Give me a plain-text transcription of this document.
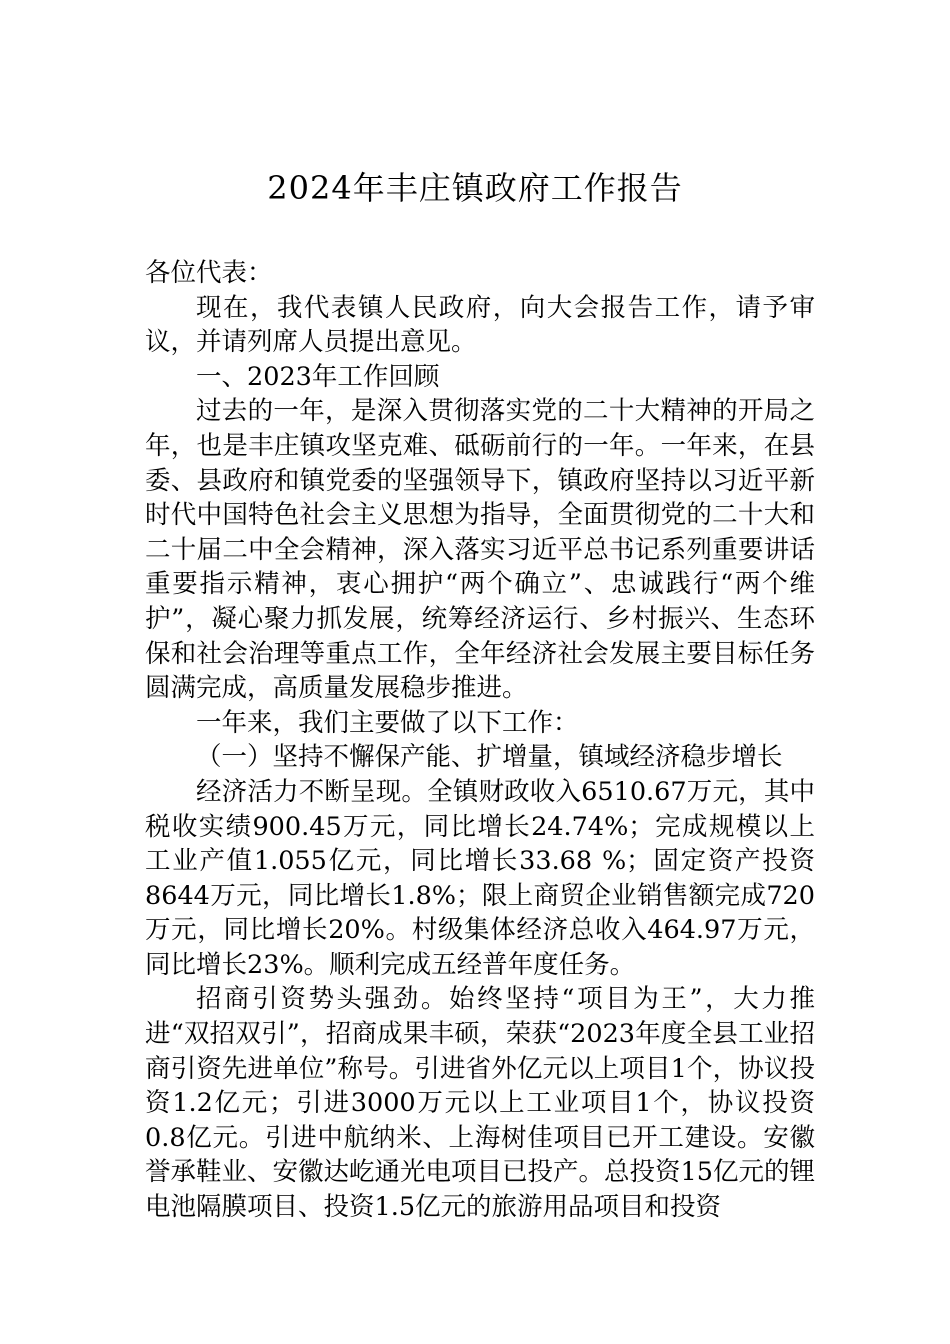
2024年丰庄镇政府工作报告

各位代表：

现在，我代表镇人民政府，向大会报告工作，请予审议，并请列席人员提出意见。

一、2023年工作回顾

过去的一年，是深入贯彻落实党的二十大精神的开局之年，也是丰庄镇攻坚克难、砥砺前行的一年。一年来，在县委、县政府和镇党委的坚强领导下，镇政府坚持以习近平新时代中国特色社会主义思想为指导，全面贯彻党的二十大和二十届二中全会精神，深入落实习近平总书记系列重要讲话重要指示精神，衷心拥护“两个确立”、忠诚践行“两个维护”，凝心聚力抓发展，统筹经济运行、乡村振兴、生态环保和社会治理等重点工作，全年经济社会发展主要目标任务圆满完成，高质量发展稳步推进。

一年来，我们主要做了以下工作：

（一）坚持不懈保产能、扩增量，镇域经济稳步增长

经济活力不断呈现。全镇财政收入6510.67万元，其中税收实绩900.45万元，同比增长24.74%；完成规模以上工业产值1.055亿元，同比增长33.68 %；固定资产投资8644万元，同比增长1.8%；限上商贸企业销售额完成720万元，同比增长20%。村级集体经济总收入464.97万元，同比增长23%。顺利完成五经普年度任务。

招商引资势头强劲。始终坚持“项目为王”，大力推进“双招双引”，招商成果丰硕，荣获“2023年度全县工业招商引资先进单位”称号。引进省外亿元以上项目1个，协议投资1.2亿元；引进3000万元以上工业项目1个，协议投资0.8亿元。引进中航纳米、上海树佳项目已开工建设。安徽誉承鞋业、安徽达屹通光电项目已投产。总投资15亿元的锂电池隔膜项目、投资1.5亿元的旅游用品项目和投资
